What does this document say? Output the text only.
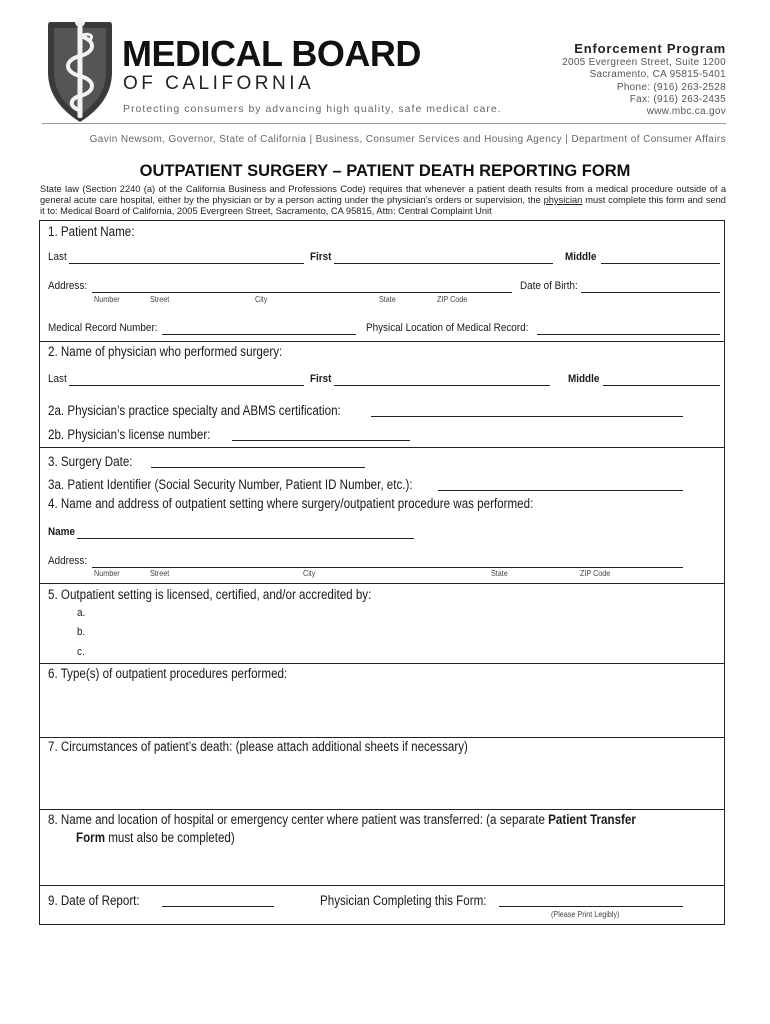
MEDICAL BOARD
OF CALIFORNIA
Protecting consumers by advancing high quality, safe medical care.
Enforcement Program
2005 Evergreen Street, Suite 1200
Sacramento, CA 95815-5401
Phone: (916) 263-2528
Fax: (916) 263-2435
www.mbc.ca.gov
Gavin Newsom, Governor, State of California | Business, Consumer Services and Housing Agency | Department of Consumer Affairs
OUTPATIENT SURGERY – PATIENT DEATH REPORTING FORM
State law (Section 2240 (a) of the California Business and Professions Code) requires that whenever a patient death results from a medical procedure outside of a general acute care hospital, either by the physician or by a person acting under the physician’s orders or supervision, the physician must complete this form and send it to: Medical Board of California, 2005 Evergreen Street, Sacramento, CA 95815, Attn: Central Complaint Unit
1. Patient Name:
Last	First	Middle
Address:	Date of Birth:
Number	Street	City	State	ZIP Code
Medical Record Number:	Physical Location of Medical Record:
2. Name of physician who performed surgery:
Last	First	Middle
2a. Physician’s practice specialty and ABMS certification:
2b. Physician’s license number:
3. Surgery Date:
3a. Patient Identifier (Social Security Number, Patient ID Number, etc.):
4. Name and address of outpatient setting where surgery/outpatient procedure was performed:
Name
Address:
Number	Street	City	State	ZIP Code
5. Outpatient setting is licensed, certified, and/or accredited by:
a.
b.
c.
6. Type(s) of outpatient procedures performed:
7. Circumstances of patient’s death: (please attach additional sheets if necessary)
8. Name and location of hospital or emergency center where patient was transferred: (a separate Patient Transfer
Form must also be completed)
9. Date of Report:	Physician Completing this Form:
(Please Print Legibly)
